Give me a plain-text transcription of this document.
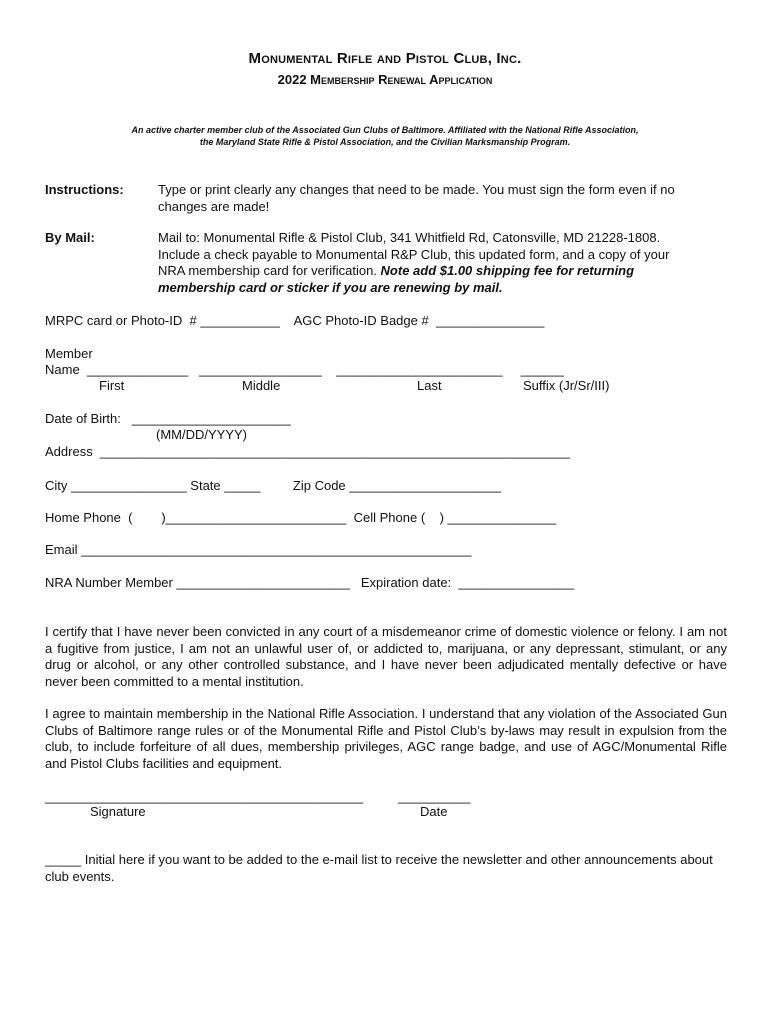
Monumental Rifle and Pistol Club, Inc.
2022 Membership Renewal Application
An active charter member club of the Associated Gun Clubs of Baltimore. Affiliated with the National Rifle Association,
the Maryland State Rifle & Pistol Association, and the Civilian Marksmanship Program.
Instructions:	Type or print clearly any changes that need to be made. You must sign the form even if no
changes are made!
By Mail:	Mail to: Monumental Rifle & Pistol Club, 341 Whitfield Rd, Catonsville, MD 21228-1808.
Include a check payable to Monumental R&P Club, this updated form, and a copy of your
NRA membership card for verification. Note add $1.00 shipping fee for returning
membership card or sticker if you are renewing by mail.
MRPC card or Photo-ID  # ___________    AGC Photo-ID Badge #  _______________
Member
Name  ______________   _________________    _______________________     ______
First	Middle	Last	Suffix (Jr/Sr/III)
Date of Birth:   ______________________
(MM/DD/YYYY)
Address  _________________________________________________________________
City ________________ State _____         Zip Code _____________________
Home Phone  (        )_________________________  Cell Phone (    ) _______________
Email ______________________________________________________
NRA Number Member ________________________   Expiration date:  ________________
I certify that I have never been convicted in any court of a misdemeanor crime of domestic violence or felony. I am not a fugitive from justice, I am not an unlawful user of, or addicted to, marijuana, or any depressant, stimulant, or any drug or alcohol, or any other controlled substance, and I have never been adjudicated mentally defective or have never been committed to a mental institution.
I agree to maintain membership in the National Rifle Association. I understand that any violation of the Associated Gun Clubs of Baltimore range rules or of the Monumental Rifle and Pistol Club’s by-laws may result in expulsion from the club, to include forfeiture of all dues, membership privileges, AGC range badge, and use of AGC/Monumental Rifle and Pistol Clubs facilities and equipment.
____________________________________________	__________
Signature	Date
_____ Initial here if you want to be added to the e-mail list to receive the newsletter and other announcements about club events.
